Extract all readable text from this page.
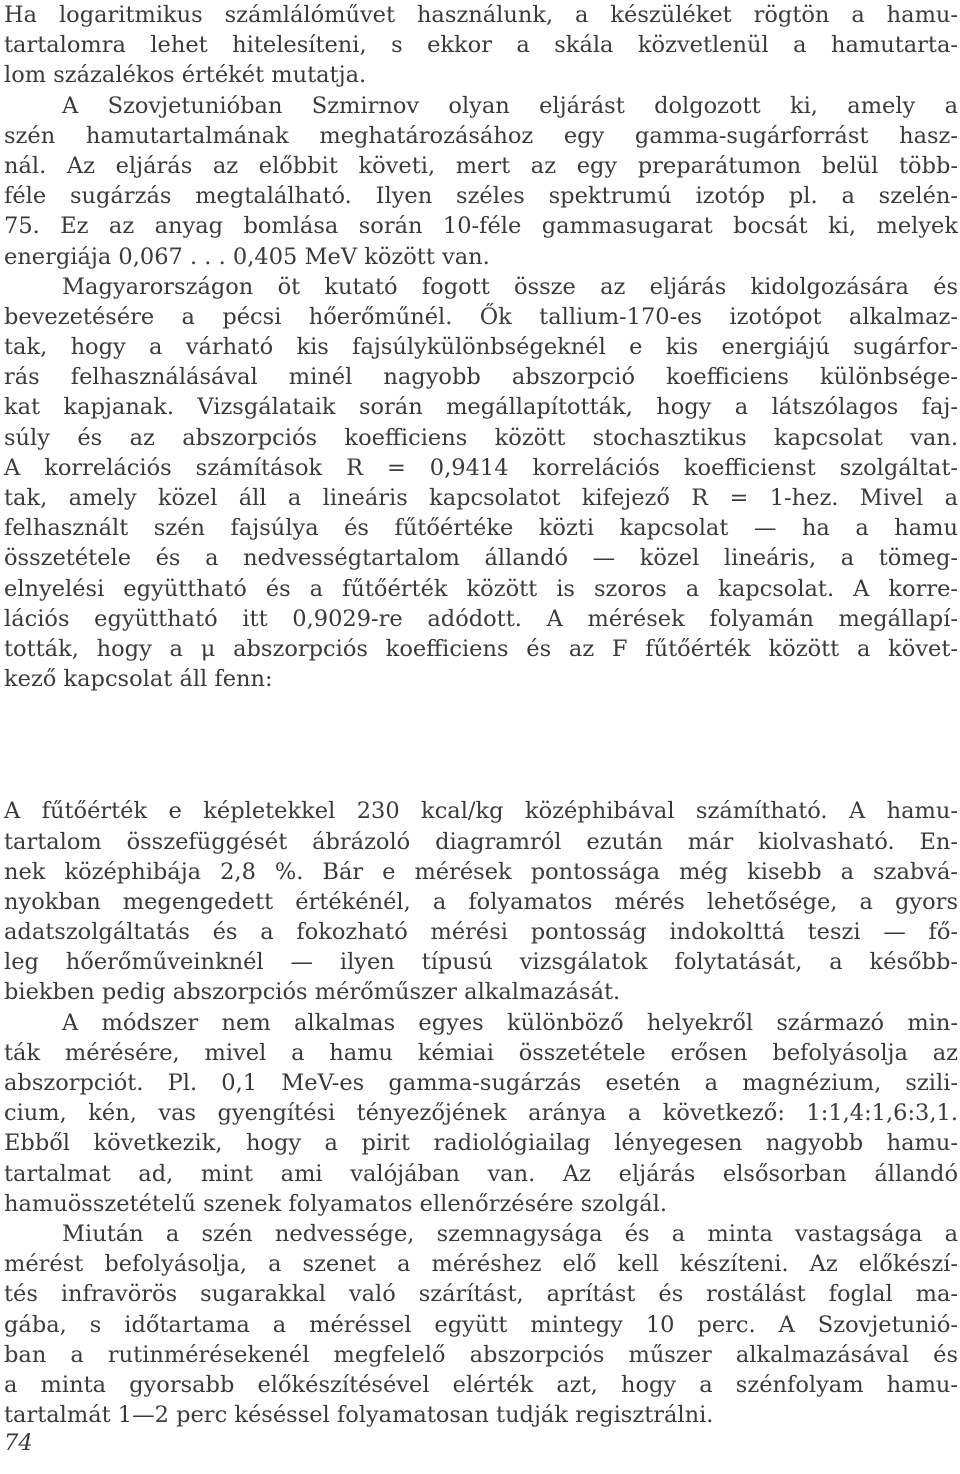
Ha logaritmikus számlálóművet használunk, a készüléket rögtön a hamu-
tartalomra lehet hitelesíteni, s ekkor a skála közvetlenül a hamutarta-
lom százalékos értékét mutatja.
A Szovjetunióban Szmirnov olyan eljárást dolgozott ki, amely a
szén hamutartalmának meghatározásához egy gamma-sugárforrást hasz-
nál. Az eljárás az előbbit követi, mert az egy preparátumon belül több-
féle sugárzás megtalálható. Ilyen széles spektrumú izotóp pl. a szelén-
75. Ez az anyag bomlása során 10-féle gammasugarat bocsát ki, melyek
energiája 0,067 . . . 0,405 MeV között van.
Magyarországon öt kutató fogott össze az eljárás kidolgozására és
bevezetésére a pécsi hőerőműnél. Ők tallium-170-es izotópot alkalmaz-
tak, hogy a várható kis fajsúlykülönbségeknél e kis energiájú sugárfor-
rás felhasználásával minél nagyobb abszorpció koefficiens különbsége-
kat kapjanak. Vizsgálataik során megállapították, hogy a látszólagos faj-
súly és az abszorpciós koefficiens között stochasztikus kapcsolat van.
A korrelációs számítások R = 0,9414 korrelációs koefficienst szolgáltat-
tak, amely közel áll a lineáris kapcsolatot kifejező R = 1-hez. Mivel a
felhasznált szén fajsúlya és fűtőértéke közti kapcsolat — ha a hamu
összetétele és a nedvességtartalom állandó — közel lineáris, a tömeg-
elnyelési együttható és a fűtőérték között is szoros a kapcsolat. A korre-
lációs együttható itt 0,9029-re adódott. A mérések folyamán megállapí-
tották, hogy a μ abszorpciós koefficiens és az F fűtőérték között a követ-
kező kapcsolat áll fenn:
A fűtőérték e képletekkel 230 kcal/kg középhibával számítható. A hamu-
tartalom összefüggését ábrázoló diagramról ezután már kiolvasható. En-
nek középhibája 2,8 %. Bár e mérések pontossága még kisebb a szabvá-
nyokban megengedett értékénél, a folyamatos mérés lehetősége, a gyors
adatszolgáltatás és a fokozható mérési pontosság indokolttá teszi — fő-
leg hőerőműveinknél — ilyen típusú vizsgálatok folytatását, a később-
biekben pedig abszorpciós mérőműszer alkalmazását.
A módszer nem alkalmas egyes különböző helyekről származó min-
ták mérésére, mivel a hamu kémiai összetétele erősen befolyásolja az
abszorpciót. Pl. 0,1 MeV-es gamma-sugárzás esetén a magnézium, szili-
cium, kén, vas gyengítési tényezőjének aránya a következő: 1:1,4:1,6:3,1.
Ebből következik, hogy a pirit radiológiailag lényegesen nagyobb hamu-
tartalmat ad, mint ami valójában van. Az eljárás elsősorban állandó
hamuösszetételű szenek folyamatos ellenőrzésére szolgál.
Miután a szén nedvessége, szemnagysága és a minta vastagsága a
mérést befolyásolja, a szenet a méréshez elő kell készíteni. Az előkészí-
tés infravörös sugarakkal való szárítást, aprítást és rostálást foglal ma-
gába, s időtartama a méréssel együtt mintegy 10 perc. A Szovjetunió-
ban a rutinmérésekenél megfelelő abszorpciós műszer alkalmazásával és
a minta gyorsabb előkészítésével elérték azt, hogy a szénfolyam hamu-
tartalmát 1—2 perc késéssel folyamatosan tudják regisztrálni.
74
